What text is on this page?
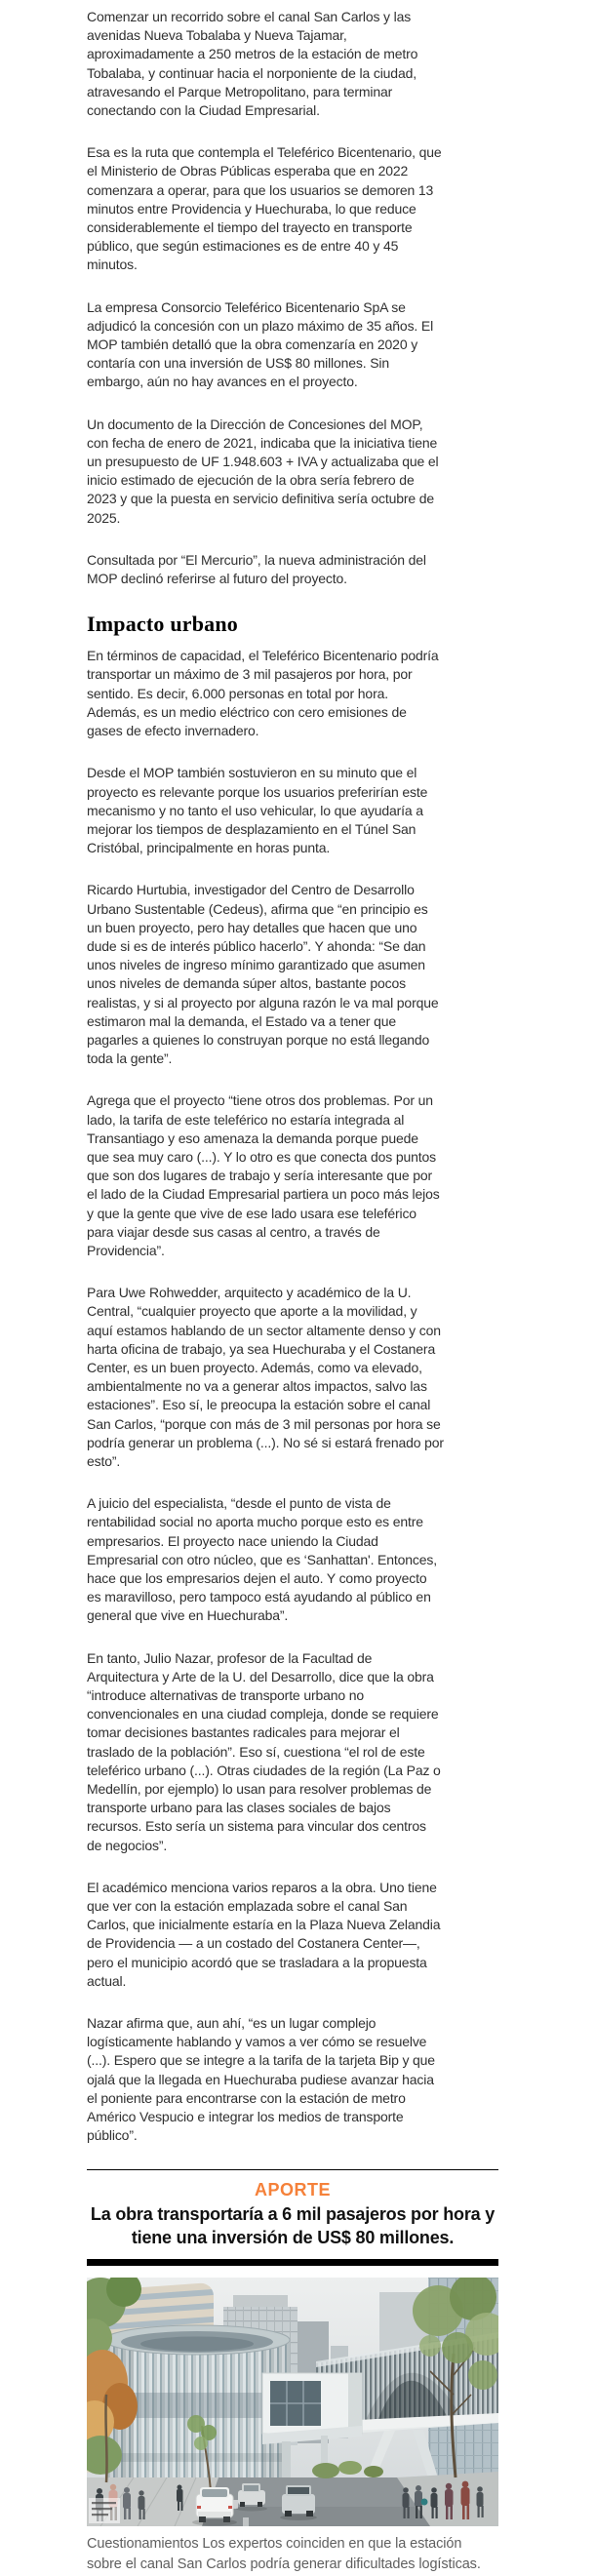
Comenzar un recorrido sobre el canal San Carlos y las avenidas Nueva Tobalaba y Nueva Tajamar, aproximadamente a 250 metros de la estación de metro Tobalaba, y continuar hacia el norponiente de la ciudad, atravesando el Parque Metropolitano, para terminar conectando con la Ciudad Empresarial.

Esa es la ruta que contempla el Teleférico Bicentenario, que el Ministerio de Obras Públicas esperaba que en 2022 comenzara a operar, para que los usuarios se demoren 13 minutos entre Providencia y Huechuraba, lo que reduce considerablemente el tiempo del trayecto en transporte público, que según estimaciones es de entre 40 y 45 minutos.

La empresa Consorcio Teleférico Bicentenario SpA se adjudicó la concesión con un plazo máximo de 35 años. El MOP también detalló que la obra comenzaría en 2020 y contaría con una inversión de US$ 80 millones. Sin embargo, aún no hay avances en el proyecto.

Un documento de la Dirección de Concesiones del MOP, con fecha de enero de 2021, indicaba que la iniciativa tiene un presupuesto de UF 1.948.603 + IVA y actualizaba que el inicio estimado de ejecución de la obra sería febrero de 2023 y que la puesta en servicio definitiva sería octubre de 2025.

Consultada por “El Mercurio”, la nueva administración del MOP declinó referirse al futuro del proyecto.

Impacto urbano

En términos de capacidad, el Teleférico Bicentenario podría transportar un máximo de 3 mil pasajeros por hora, por sentido. Es decir, 6.000 personas en total por hora. Además, es un medio eléctrico con cero emisiones de gases de efecto invernadero.

Desde el MOP también sostuvieron en su minuto que el proyecto es relevante porque los usuarios preferirían este mecanismo y no tanto el uso vehicular, lo que ayudaría a mejorar los tiempos de desplazamiento en el Túnel San Cristóbal, principalmente en horas punta.

Ricardo Hurtubia, investigador del Centro de Desarrollo Urbano Sustentable (Cedeus), afirma que “en principio es un buen proyecto, pero hay detalles que hacen que uno dude si es de interés público hacerlo”. Y ahonda: “Se dan unos niveles de ingreso mínimo garantizado que asumen unos niveles de demanda súper altos, bastante pocos realistas, y si al proyecto por alguna razón le va mal porque estimaron mal la demanda, el Estado va a tener que pagarles a quienes lo construyan porque no está llegando toda la gente”.

Agrega que el proyecto “tiene otros dos problemas. Por un lado, la tarifa de este teleférico no estaría integrada al Transantiago y eso amenaza la demanda porque puede que sea muy caro (...). Y lo otro es que conecta dos puntos que son dos lugares de trabajo y sería interesante que por el lado de la Ciudad Empresarial partiera un poco más lejos y que la gente que vive de ese lado usara ese teleférico para viajar desde sus casas al centro, a través de Providencia”.

Para Uwe Rohwedder, arquitecto y académico de la U. Central, “cualquier proyecto que aporte a la movilidad, y aquí estamos hablando de un sector altamente denso y con harta oficina de trabajo, ya sea Huechuraba y el Costanera Center, es un buen proyecto. Además, como va elevado, ambientalmente no va a generar altos impactos, salvo las estaciones”. Eso sí, le preocupa la estación sobre el canal San Carlos, “porque con más de 3 mil personas por hora se podría generar un problema (...). No sé si estará frenado por esto”.

A juicio del especialista, “desde el punto de vista de rentabilidad social no aporta mucho porque esto es entre empresarios. El proyecto nace uniendo la Ciudad Empresarial con otro núcleo, que es ‘Sanhattan'. Entonces, hace que los empresarios dejen el auto. Y como proyecto es maravilloso, pero tampoco está ayudando al público en general que vive en Huechuraba”.

En tanto, Julio Nazar, profesor de la Facultad de Arquitectura y Arte de la U. del Desarrollo, dice que la obra “introduce alternativas de transporte urbano no convencionales en una ciudad compleja, donde se requiere tomar decisiones bastantes radicales para mejorar el traslado de la población”. Eso sí, cuestiona “el rol de este teleférico urbano (...). Otras ciudades de la región (La Paz o Medellín, por ejemplo) lo usan para resolver problemas de transporte urbano para las clases sociales de bajos recursos. Esto sería un sistema para vincular dos centros de negocios”.

El académico menciona varios reparos a la obra. Uno tiene que ver con la estación emplazada sobre el canal San Carlos, que inicialmente estaría en la Plaza Nueva Zelandia de Providencia — a un costado del Costanera Center—, pero el municipio acordó que se trasladara a la propuesta actual.

Nazar afirma que, aun ahí, “es un lugar complejo logísticamente hablando y vamos a ver cómo se resuelve (...). Espero que se integre a la tarifa de la tarjeta Bip y que ojalá que la llegada en Huechuraba pudiese avanzar hacia el poniente para encontrarse con la estación de metro Américo Vespucio e integrar los medios de transporte público”.

APORTE
La obra transportaría a 6 mil pasajeros por hora y tiene una inversión de US$ 80 millones.
Cuestionamientos Los expertos coinciden en que la estación sobre el canal San Carlos podría generar dificultades logísticas.
